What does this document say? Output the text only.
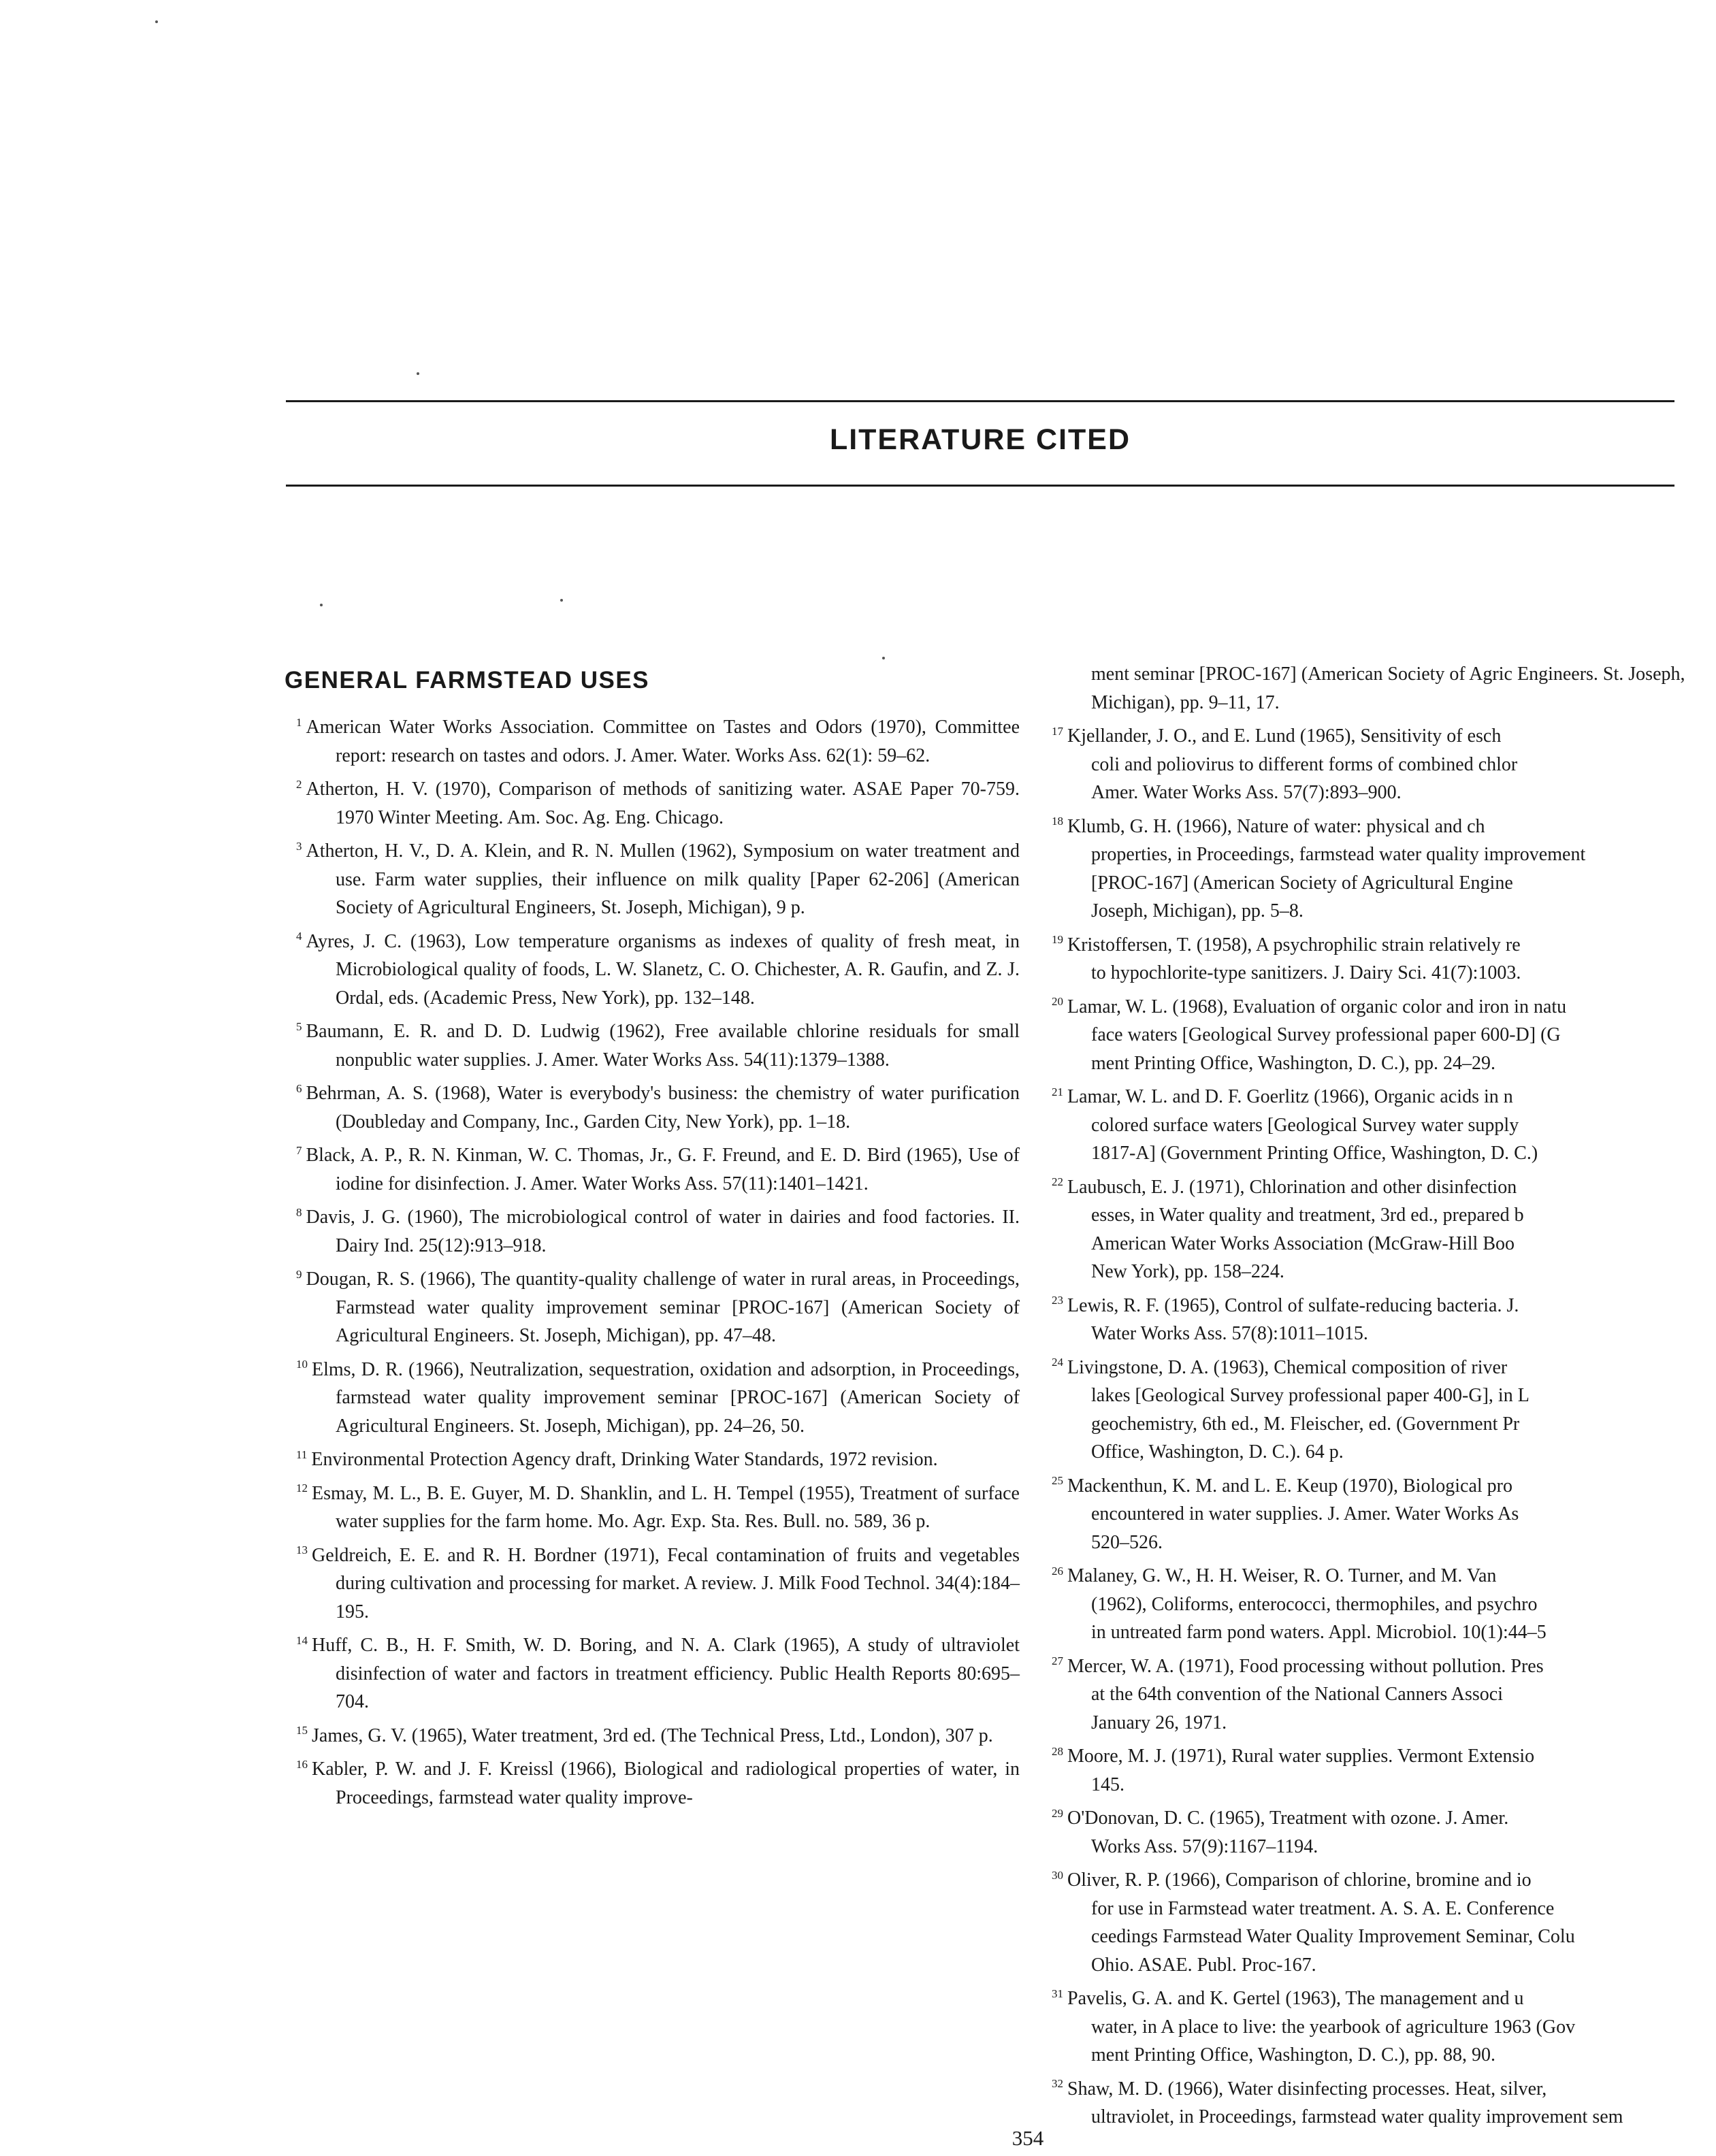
LITERATURE CITED
GENERAL FARMSTEAD USES
$^1$ American Water Works Association. Committee on Tastes and Odors (1970), Committee report: research on tastes and odors. J. Amer. Water. Works Ass. 62(1): 59–62.
$^2$ Atherton, H. V. (1970), Comparison of methods of sanitizing water. ASAE Paper 70-759. 1970 Winter Meeting. Am. Soc. Ag. Eng. Chicago.
$^3$ Atherton, H. V., D. A. Klein, and R. N. Mullen (1962), Symposium on water treatment and use. Farm water supplies, their influence on milk quality [Paper 62-206] (American Society of Agricultural Engineers, St. Joseph, Michigan), 9 p.
$^4$ Ayres, J. C. (1963), Low temperature organisms as indexes of quality of fresh meat, in Microbiological quality of foods, L. W. Slanetz, C. O. Chichester, A. R. Gaufin, and Z. J. Ordal, eds. (Academic Press, New York), pp. 132–148.
$^5$ Baumann, E. R. and D. D. Ludwig (1962), Free available chlorine residuals for small nonpublic water supplies. J. Amer. Water Works Ass. 54(11):1379–1388.
$^6$ Behrman, A. S. (1968), Water is everybody's business: the chemistry of water purification (Doubleday and Company, Inc., Garden City, New York), pp. 1–18.
$^7$ Black, A. P., R. N. Kinman, W. C. Thomas, Jr., G. F. Freund, and E. D. Bird (1965), Use of iodine for disinfection. J. Amer. Water Works Ass. 57(11):1401–1421.
$^8$ Davis, J. G. (1960), The microbiological control of water in dairies and food factories. II. Dairy Ind. 25(12):913–918.
$^9$ Dougan, R. S. (1966), The quantity-quality challenge of water in rural areas, in Proceedings, Farmstead water quality improvement seminar [PROC-167] (American Society of Agricultural Engineers. St. Joseph, Michigan), pp. 47–48.
$^{10}$ Elms, D. R. (1966), Neutralization, sequestration, oxidation and adsorption, in Proceedings, farmstead water quality improvement seminar [PROC-167] (American Society of Agricultural Engineers. St. Joseph, Michigan), pp. 24–26, 50.
$^{11}$ Environmental Protection Agency draft, Drinking Water Standards, 1972 revision.
$^{12}$ Esmay, M. L., B. E. Guyer, M. D. Shanklin, and L. H. Tempel (1955), Treatment of surface water supplies for the farm home. Mo. Agr. Exp. Sta. Res. Bull. no. 589, 36 p.
$^{13}$ Geldreich, E. E. and R. H. Bordner (1971), Fecal contamination of fruits and vegetables during cultivation and processing for market. A review. J. Milk Food Technol. 34(4):184–195.
$^{14}$ Huff, C. B., H. F. Smith, W. D. Boring, and N. A. Clark (1965), A study of ultraviolet disinfection of water and factors in treatment efficiency. Public Health Reports 80:695–704.
$^{15}$ James, G. V. (1965), Water treatment, 3rd ed. (The Technical Press, Ltd., London), 307 p.
$^{16}$ Kabler, P. W. and J. F. Kreissl (1966), Biological and radiological properties of water, in Proceedings, farmstead water quality improve-
ment seminar [PROC-167] (American Society of Agric Engineers. St. Joseph, Michigan), pp. 9–11, 17.
$^{17}$ Kjellander, J. O., and E. Lund (1965), Sensitivity of esch
coli and poliovirus to different forms of combined chlor
Amer. Water Works Ass. 57(7):893–900.
$^{18}$ Klumb, G. H. (1966), Nature of water: physical and ch
properties, in Proceedings, farmstead water quality improvement
[PROC-167] (American Society of Agricultural Engine
Joseph, Michigan), pp. 5–8.
$^{19}$ Kristoffersen, T. (1958), A psychrophilic strain relatively re
to hypochlorite-type sanitizers. J. Dairy Sci. 41(7):1003.
$^{20}$ Lamar, W. L. (1968), Evaluation of organic color and iron in natu
face waters [Geological Survey professional paper 600-D] (G
ment Printing Office, Washington, D. C.), pp. 24–29.
$^{21}$ Lamar, W. L. and D. F. Goerlitz (1966), Organic acids in n
colored surface waters [Geological Survey water supply
1817-A] (Government Printing Office, Washington, D. C.)
$^{22}$ Laubusch, E. J. (1971), Chlorination and other disinfection
esses, in Water quality and treatment, 3rd ed., prepared b
American Water Works Association (McGraw-Hill Boo
New York), pp. 158–224.
$^{23}$ Lewis, R. F. (1965), Control of sulfate-reducing bacteria. J.
Water Works Ass. 57(8):1011–1015.
$^{24}$ Livingstone, D. A. (1963), Chemical composition of river
lakes [Geological Survey professional paper 400-G], in L
geochemistry, 6th ed., M. Fleischer, ed. (Government Pr
Office, Washington, D. C.). 64 p.
$^{25}$ Mackenthun, K. M. and L. E. Keup (1970), Biological pro
encountered in water supplies. J. Amer. Water Works As
520–526.
$^{26}$ Malaney, G. W., H. H. Weiser, R. O. Turner, and M. Van
(1962), Coliforms, enterococci, thermophiles, and psychro
in untreated farm pond waters. Appl. Microbiol. 10(1):44–5
$^{27}$ Mercer, W. A. (1971), Food processing without pollution. Pres
at the 64th convention of the National Canners Associ
January 26, 1971.
$^{28}$ Moore, M. J. (1971), Rural water supplies. Vermont Extensio
145.
$^{29}$ O'Donovan, D. C. (1965), Treatment with ozone. J. Amer.
Works Ass. 57(9):1167–1194.
$^{30}$ Oliver, R. P. (1966), Comparison of chlorine, bromine and io
for use in Farmstead water treatment. A. S. A. E. Conference
ceedings Farmstead Water Quality Improvement Seminar, Colu
Ohio. ASAE. Publ. Proc-167.
$^{31}$ Pavelis, G. A. and K. Gertel (1963), The management and u
water, in A place to live: the yearbook of agriculture 1963 (Gov
ment Printing Office, Washington, D. C.), pp. 88, 90.
$^{32}$ Shaw, M. D. (1966), Water disinfecting processes. Heat, silver,
ultraviolet, in Proceedings, farmstead water quality improvement sem
354
